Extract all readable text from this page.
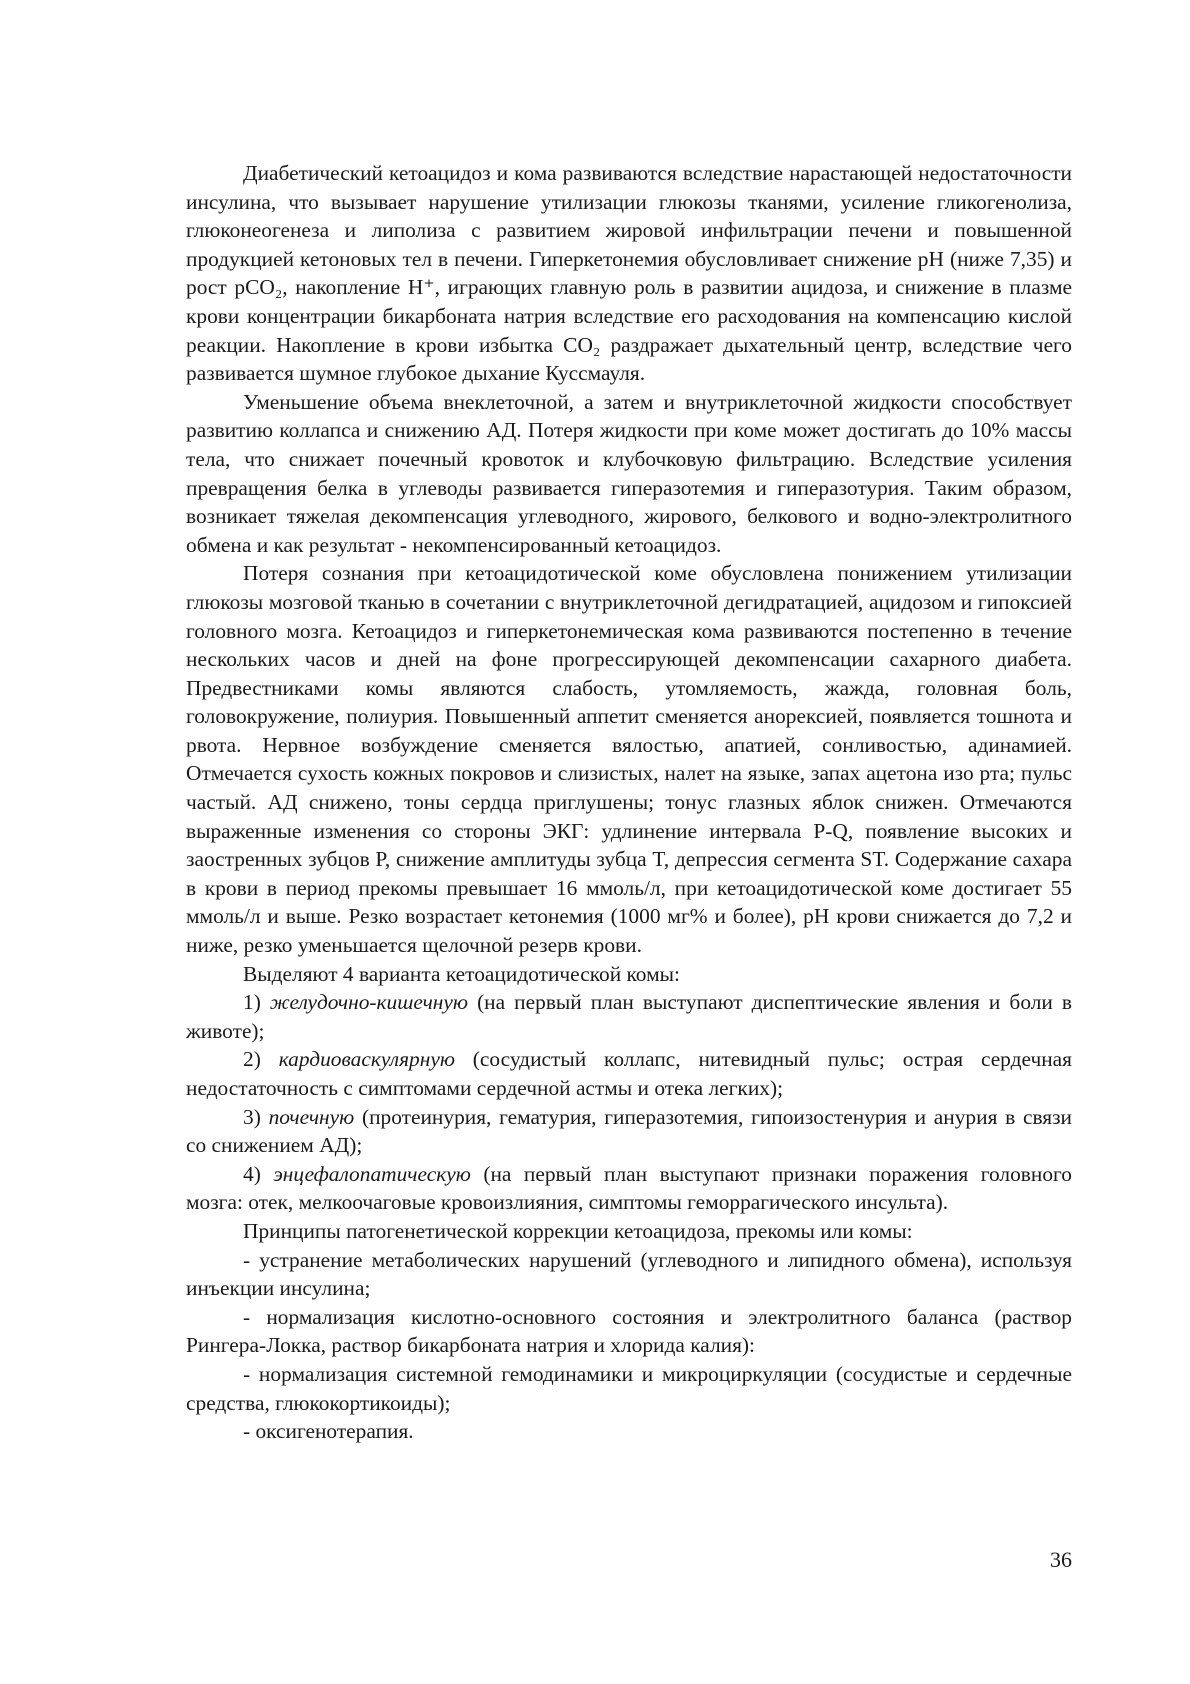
Диабетический кетоацидоз и кома развиваются вследствие нарастающей недостаточности инсулина, что вызывает нарушение утилизации глюкозы тканями, усиление гликогенолиза, глюконеогенеза и липолиза с развитием жировой инфильтрации печени и повышенной продукцией кетоновых тел в печени. Гиперкетонемия обусловливает снижение pH (ниже 7,35) и рост pCO₂, накопление H⁺, играющих главную роль в развитии ацидоза, и снижение в плазме крови концентрации бикарбоната натрия вследствие его расходования на компенсацию кислой реакции. Накопление в крови избытка CO₂ раздражает дыхательный центр, вследствие чего развивается шумное глубокое дыхание Куссмауля.

Уменьшение объема внеклеточной, а затем и внутриклеточной жидкости способствует развитию коллапса и снижению АД. Потеря жидкости при коме может достигать до 10% массы тела, что снижает почечный кровоток и клубочковую фильтрацию. Вследствие усиления превращения белка в углеводы развивается гиперазотемия и гиперазотурия. Таким образом, возникает тяжелая декомпенсация углеводного, жирового, белкового и водно-электролитного обмена и как результат - некомпенсированный кетоацидоз.

Потеря сознания при кетоацидотической коме обусловлена понижением утилизации глюкозы мозговой тканью в сочетании с внутриклеточной дегидратацией, ацидозом и гипоксией головного мозга. Кетоацидоз и гиперкетонемическая кома развиваются постепенно в течение нескольких часов и дней на фоне прогрессирующей декомпенсации сахарного диабета. Предвестниками комы являются слабость, утомляемость, жажда, головная боль, головокружение, полиурия. Повышенный аппетит сменяется анорексией, появляется тошнота и рвота. Нервное возбуждение сменяется вялостью, апатией, сонливостью, адинамией. Отмечается сухость кожных покровов и слизистых, налет на языке, запах ацетона изо рта; пульс частый. АД снижено, тоны сердца приглушены; тонус глазных яблок снижен. Отмечаются выраженные изменения со стороны ЭКГ: удлинение интервала P-Q, появление высоких и заостренных зубцов P, снижение амплитуды зубца T, депрессия сегмента ST. Содержание сахара в крови в период прекомы превышает 16 ммоль/л, при кетоацидотической коме достигает 55 ммоль/л и выше. Резко возрастает кетонемия (1000 мг% и более), pH крови снижается до 7,2 и ниже, резко уменьшается щелочной резерв крови.

Выделяют 4 варианта кетоацидотической комы:

1) желудочно-кишечную (на первый план выступают диспептические явления и боли в животе);

2) кардиоваскулярную (сосудистый коллапс, нитевидный пульс; острая сердечная недостаточность с симптомами сердечной астмы и отека легких);

3) почечную (протеинурия, гематурия, гиперазотемия, гипоизостенурия и анурия в связи со снижением АД);

4) энцефалопатическую (на первый план выступают признаки поражения головного мозга: отек, мелкоочаговые кровоизлияния, симптомы геморрагического инсульта).

Принципы патогенетической коррекции кетоацидоза, прекомы или комы:

- устранение метаболических нарушений (углеводного и липидного обмена), используя инъекции инсулина;

- нормализация кислотно-основного состояния и электролитного баланса (раствор Рингера-Локка, раствор бикарбоната натрия и хлорида калия):

- нормализация системной гемодинамики и микроциркуляции (сосудистые и сердечные средства, глюкокортикоиды);

- оксигенотерапия.

36
